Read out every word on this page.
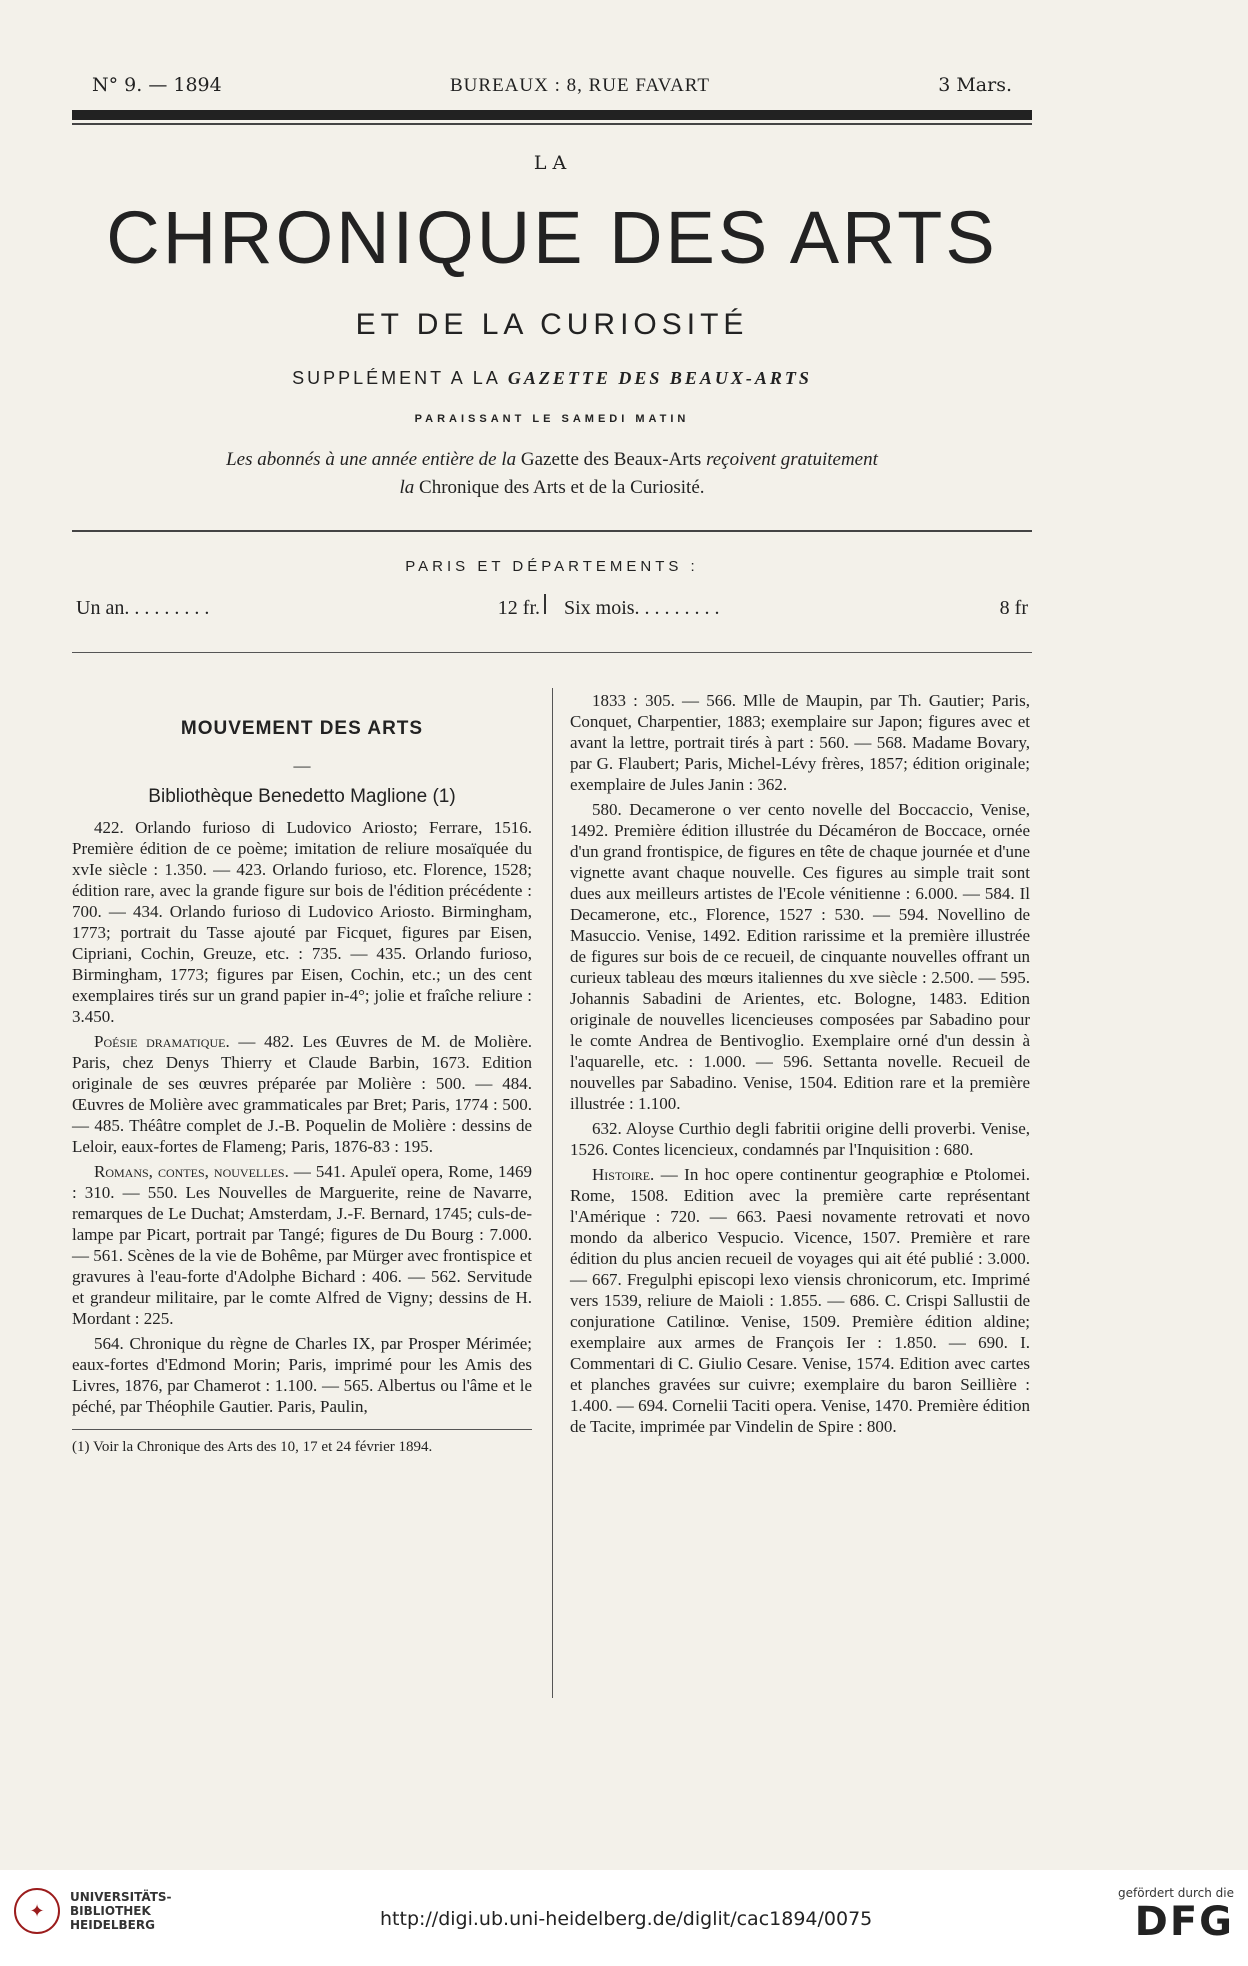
N° 9. — 1894	BUREAUX : 8, RUE FAVART	3 Mars.
LA
CHRONIQUE DES ARTS
ET DE LA CURIOSITÉ
SUPPLÉMENT A LA GAZETTE DES BEAUX-ARTS
PARAISSANT LE SAMEDI MATIN
Les abonnés à une année entière de la Gazette des Beaux-Arts reçoivent gratuitement
la Chronique des Arts et de la Curiosité.
PARIS ET DÉPARTEMENTS :
Un an. . . . . . . . .	12 fr. Six mois. . . . . . . . .	8 fr
MOUVEMENT DES ARTS
—
Bibliothèque Benedetto Maglione (1)

422. Orlando furioso di Ludovico Ariosto; Ferrare, 1516. Première édition de ce poème; imitation de reliure mosaïquée du xvIe siècle : 1.350. — 423. Orlando furioso, etc. Florence, 1528; édition rare, avec la grande figure sur bois de l'édition précédente : 700. — 434. Orlando furioso di Ludovico Ariosto. Birmingham, 1773; portrait du Tasse ajouté par Ficquet, figures par Eisen, Cipriani, Cochin, Greuze, etc. : 735. — 435. Orlando furioso, Birmingham, 1773; figures par Eisen, Cochin, etc.; un des cent exemplaires tirés sur un grand papier in-4°; jolie et fraîche reliure : 3.450.

Poésie dramatique. — 482. Les Œuvres de M. de Molière. Paris, chez Denys Thierry et Claude Barbin, 1673. Edition originale de ses œuvres préparée par Molière : 500. — 484. Œuvres de Molière avec grammaticales par Bret; Paris, 1774 : 500. — 485. Théâtre complet de J.-B. Poquelin de Molière : dessins de Leloir, eaux-fortes de Flameng; Paris, 1876-83 : 195.

Romans, contes, nouvelles. — 541. Apuleï opera, Rome, 1469 : 310. — 550. Les Nouvelles de Marguerite, reine de Navarre, remarques de Le Duchat; Amsterdam, J.-F. Bernard, 1745; culs-de-lampe par Picart, portrait par Tangé; figures de Du Bourg : 7.000. — 561. Scènes de la vie de Bohême, par Mürger avec frontispice et gravures à l'eau-forte d'Adolphe Bichard : 406. — 562. Servitude et grandeur militaire, par le comte Alfred de Vigny; dessins de H. Mordant : 225.

564. Chronique du règne de Charles IX, par Prosper Mérimée; eaux-fortes d'Edmond Morin; Paris, imprimé pour les Amis des Livres, 1876, par Chamerot : 1.100. — 565. Albertus ou l'âme et le péché, par Théophile Gautier. Paris, Paulin,

(1) Voir la Chronique des Arts des 10, 17 et 24 février 1894.

1833 : 305. — 566. Mlle de Maupin, par Th. Gautier; Paris, Conquet, Charpentier, 1883; exemplaire sur Japon; figures avec et avant la lettre, portrait tirés à part : 560. — 568. Madame Bovary, par G. Flaubert; Paris, Michel-Lévy frères, 1857; édition originale; exemplaire de Jules Janin : 362.

580. Decamerone o ver cento novelle del Boccaccio, Venise, 1492. Première édition illustrée du Décaméron de Boccace, ornée d'un grand frontispice, de figures en tête de chaque journée et d'une vignette avant chaque nouvelle. Ces figures au simple trait sont dues aux meilleurs artistes de l'Ecole vénitienne : 6.000. — 584. Il Decamerone, etc., Florence, 1527 : 530. — 594. Novellino de Masuccio. Venise, 1492. Edition rarissime et la première illustrée de figures sur bois de ce recueil, de cinquante nouvelles offrant un curieux tableau des mœurs italiennes du xve siècle : 2.500. — 595. Johannis Sabadini de Arientes, etc. Bologne, 1483. Edition originale de nouvelles licencieuses composées par Sabadino pour le comte Andrea de Bentivoglio. Exemplaire orné d'un dessin à l'aquarelle, etc. : 1.000. — 596. Settanta novelle. Recueil de nouvelles par Sabadino. Venise, 1504. Edition rare et la première illustrée : 1.100.

632. Aloyse Curthio degli fabritii origine delli proverbi. Venise, 1526. Contes licencieux, condamnés par l'Inquisition : 680.

Histoire. — In hoc opere continentur geographiœ e Ptolomei. Rome, 1508. Edition avec la première carte représentant l'Amérique : 720. — 663. Paesi novamente retrovati et novo mondo da alberico Vespucio. Vicence, 1507. Première et rare édition du plus ancien recueil de voyages qui ait été publié : 3.000. — 667. Fregulphi episcopi lexo viensis chronicorum, etc. Imprimé vers 1539, reliure de Maioli : 1.855. — 686. C. Crispi Sallustii de conjuratione Catilinœ. Venise, 1509. Première édition aldine; exemplaire aux armes de François Ier : 1.850. — 690. I. Commentari di C. Giulio Cesare. Venise, 1574. Edition avec cartes et planches gravées sur cuivre; exemplaire du baron Seillière : 1.400. — 694. Cornelii Taciti opera. Venise, 1470. Première édition de Tacite, imprimée par Vindelin de Spire : 800.

✦
UNIVERSITÄTS-
BIBLIOTHEK
HEIDELBERG	http://digi.ub.uni-heidelberg.de/diglit/cac1894/0075
gefördert durch die
DFG
